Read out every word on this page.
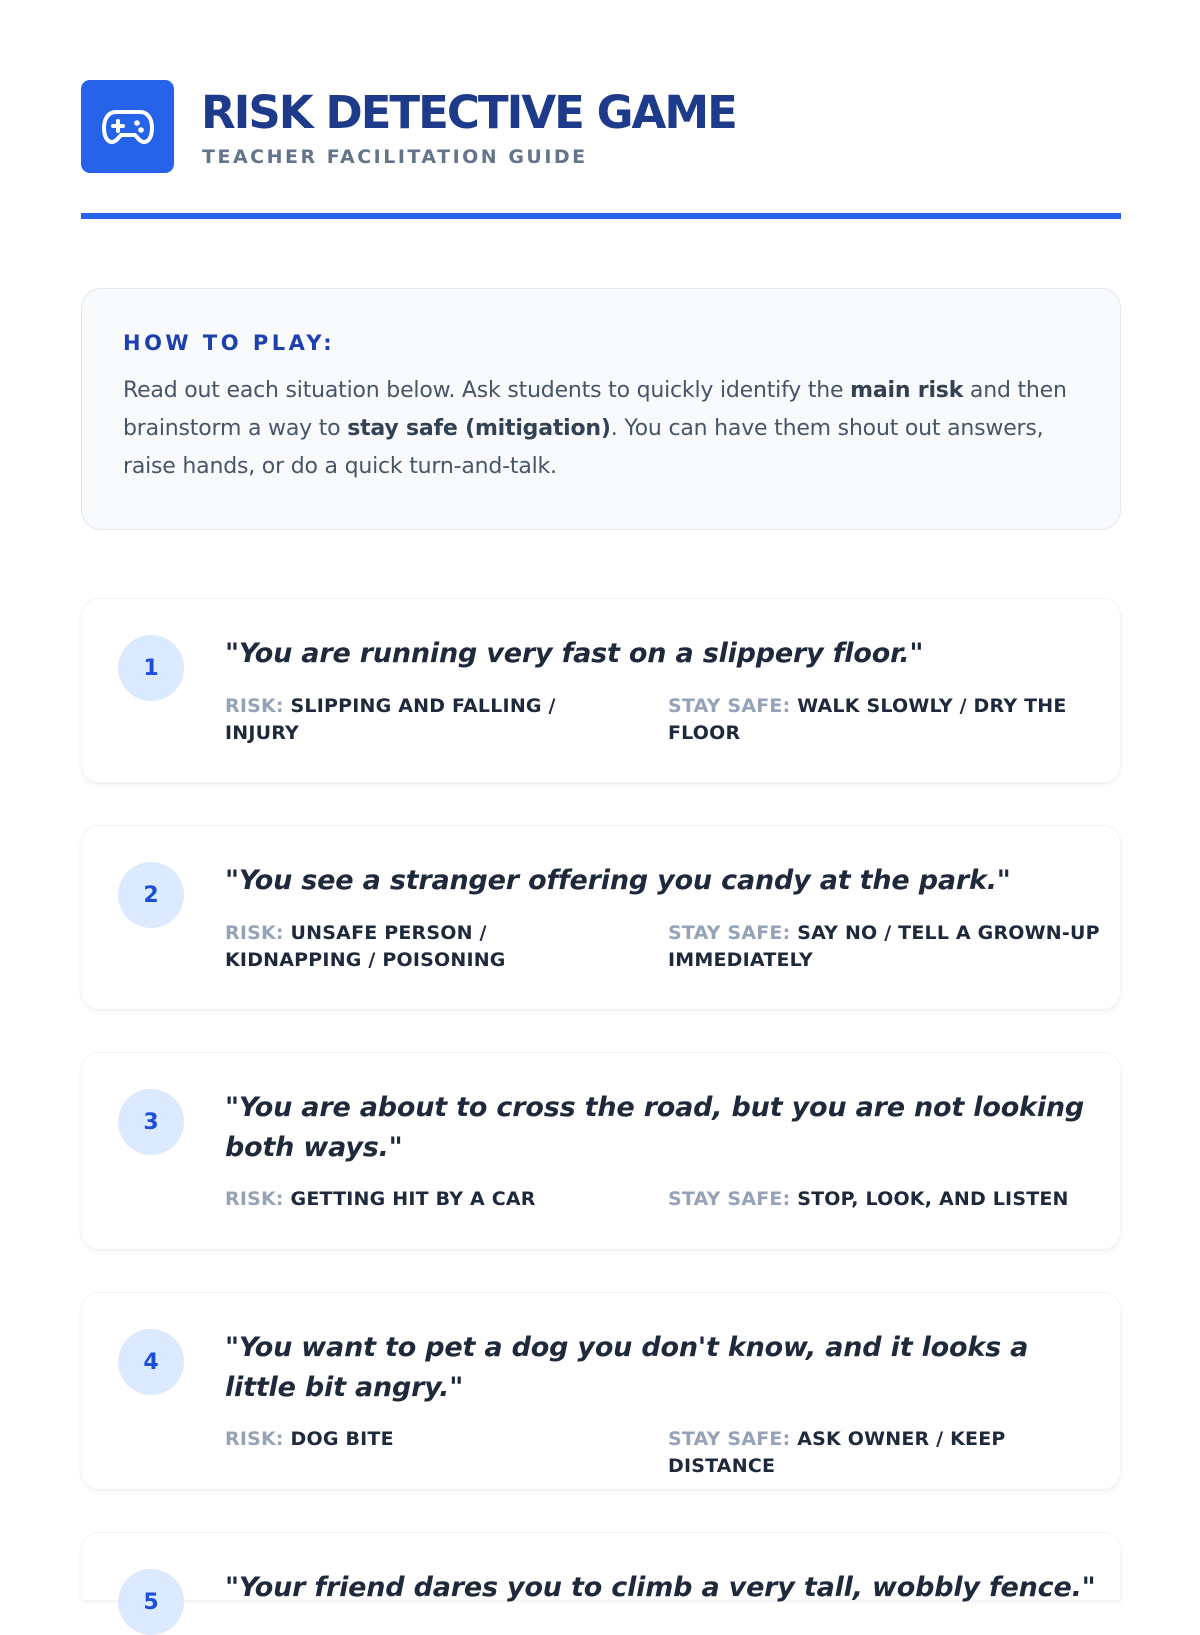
RISK DETECTIVE GAME
TEACHER FACILITATION GUIDE
HOW TO PLAY:

Read out each situation below. Ask students to quickly identify the main risk and then brainstorm a way to stay safe (mitigation). You can have them shout out answers, raise hands, or do a quick turn-and-talk.

1	"You are running very fast on a slippery floor."
RISK: SLIPPING AND FALLING / INJURY
STAY SAFE: WALK SLOWLY / DRY THE FLOOR
2	"You see a stranger offering you candy at the park."
RISK: UNSAFE PERSON / KIDNAPPING / POISONING
STAY SAFE: SAY NO / TELL A GROWN-UP IMMEDIATELY
3	"You are about to cross the road, but you are not looking both ways."
RISK: GETTING HIT BY A CAR	STAY SAFE: STOP, LOOK, AND LISTEN
4	"You want to pet a dog you don't know, and it looks a little bit angry."
RISK: DOG BITE	STAY SAFE: ASK OWNER / KEEP DISTANCE
5	"Your friend dares you to climb a very tall, wobbly fence."
